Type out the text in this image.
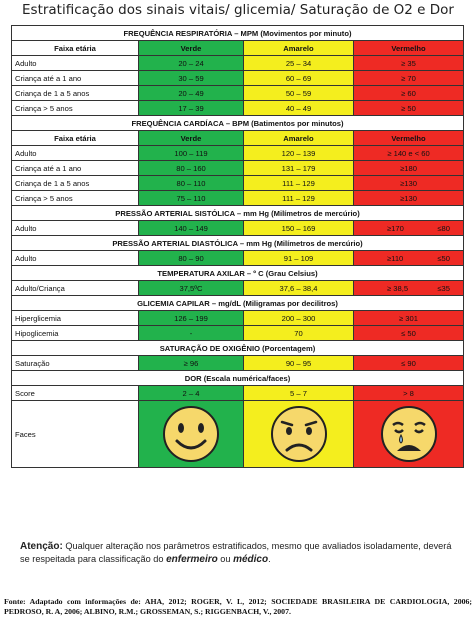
Estratificação dos sinais vitais/ glicemia/ Saturação de O2 e Dor
FREQUÊNCIA RESPIRATÓRIA – MPM (Movimentos por minuto)			
Faixa etária	Verde	Amarelo	Vermelho
Adulto	20 – 24	25 – 34	≥ 35
Criança até a 1 ano	30 – 59	60 – 69	≥ 70
Criança de 1 a 5 anos	20 – 49	50 – 59	≥ 60
Criança > 5 anos	17 – 39	40 – 49	≥ 50
FREQUÊNCIA CARDÍACA – BPM (Batimentos por minutos)			
Faixa etária	Verde	Amarelo	Vermelho
Adulto	100 – 119	120 – 139	≥ 140 e < 60
Criança até a 1 ano	80 – 160	131 – 179	≥180
Criança de 1 a 5 anos	80 – 110	111 – 129	≥130
Criança > 5 anos	75 – 110	111 – 129	≥130
PRESSÃO ARTERIAL SISTÓLICA – mm Hg (Milímetros de mercúrio)			
Adulto	140 – 149	150 – 169	≥170 ≤80

PRESSÃO ARTERIAL DIASTÓLICA – mm Hg (Milímetros de mercúrio)			
Adulto	80 – 90	91 – 109	≥110 ≤50

TEMPERATURA AXILAR – º C (Grau Celsius)			
Adulto/Criança	37,5ºC	37,6 – 38,4	≥ 38,5 ≤35

GLICEMIA CAPILAR – mg/dL (Miligramas por decilitros)			
Hiperglicemia	126 – 199	200 – 300	≥ 301
Hipoglicemia	-	70	≤ 50
SATURAÇÃO DE OXIGÊNIO (Porcentagem)			
Saturação	≥ 96	90 – 95	≤ 90
DOR (Escala numérica/faces)			
Score	2 – 4	5 – 7	> 8
Faces	

Atenção: Qualquer alteração nos parâmetros estratificados, mesmo que avaliados isoladamente, deverá se respeitada para classificação do enfermeiro ou médico.
Fonte: Adaptado com informações de: AHA, 2012; ROGER, V. L, 2012; SOCIEDADE BRASILEIRA DE CARDIOLOGIA, 2006; PEDROSO, R. A, 2006; ALBINO, R.M.; GROSSEMAN, S.; RIGGENBACH, V., 2007.
